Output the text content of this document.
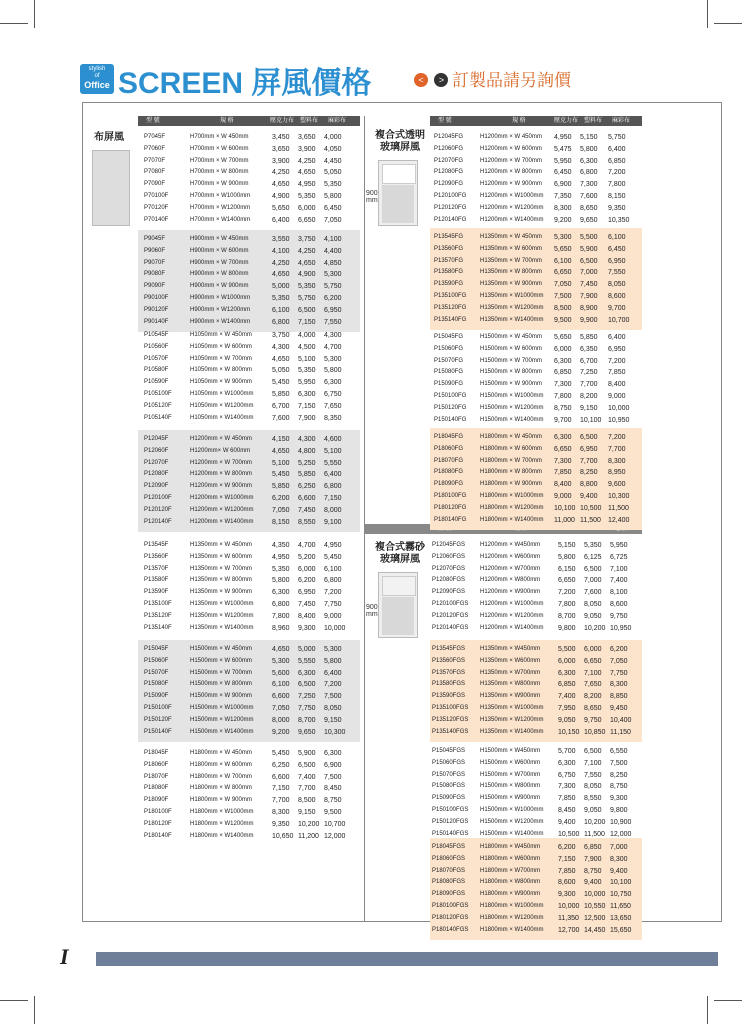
stylish
of
Office SCREEN 屏風價格	< > 訂製品請另詢價
型 號	規 格	壓克力布 塑料布 麻彩布	型 號	規 格	壓克力布 塑料布 麻彩布
布屏風	複合式透明
玻璃屏風
900
mm
複合式霧砂
玻璃屏風
900
mm
P7045F	H700mm × W 450mm	3,450 3,650 4,000
P7060F	H700mm × W 600mm	3,650 3,900 4,050
P7070F	H700mm × W 700mm	3,900 4,250 4,450
P7080F	H700mm × W 800mm	4,250 4,650 5,050
P7090F	H700mm × W 900mm	4,650 4,950 5,350
P70100F	H700mm × W1000mm	4,900 5,350 5,800
P70120F	H700mm × W1200mm	5,650 6,000 6,450
P70140F	H700mm × W1400mm	6,400 6,650 7,050
P9045F	H900mm × W 450mm	3,550 3,750 4,100
P9060F	H900mm × W 600mm	4,100 4,250 4,400
P9070F	H900mm × W 700mm	4,250 4,650 4,850
P9080F	H900mm × W 800mm	4,650 4,900 5,300
P9090F	H900mm × W 900mm	5,000 5,350 5,750
P90100F	H900mm × W1000mm	5,350 5,750 6,200
P90120F	H900mm × W1200mm	6,100 6,500 6,950
P90140F	H900mm × W1400mm	6,800 7,150 7,550
P10545F	H1050mm × W 450mm	3,750 4,000 4,300
P10560F	H1050mm × W 600mm	4,300 4,500 4,700
P10570F	H1050mm × W 700mm	4,650 5,100 5,300
P10580F	H1050mm × W 800mm	5,050 5,350 5,800
P10590F	H1050mm × W 900mm	5,450 5,950 6,300
P105100F	H1050mm × W1000mm	5,850 6,300 6,750
P105120F	H1050mm × W1200mm	6,700 7,150 7,650
P105140F	H1050mm × W1400mm	7,600 7,900 8,350
P12045F	H1200mm × W 450mm	4,150 4,300 4,600
P12060F	H1200mm× W 600mm	4,650 4,800 5,100
P12070F	H1200mm × W 700mm	5,100 5,250 5,550
P12080F	H1200mm × W 800mm	5,450 5,850 6,400
P12090F	H1200mm × W 900mm	5,850 6,250 6,800
P120100F	H1200mm × W1000mm	6,200 6,600 7,150
P120120F	H1200mm × W1200mm	7,050 7,450 8,000
P120140F	H1200mm × W1400mm	8,150 8,550 9,100
P13545F	H1350mm × W 450mm	4,350 4,700 4,950
P13560F	H1350mm × W 600mm	4,950 5,200 5,450
P13570F	H1350mm × W 700mm	5,350 6,000 6,100
P13580F	H1350mm × W 800mm	5,800 6,200 6,800
P13590F	H1350mm × W 900mm	6,300 6,950 7,200
P135100F	H1350mm × W1000mm	6,800 7,450 7,750
P135120F	H1350mm × W1200mm	7,800 8,400 9,000
P135140F	H1350mm × W1400mm	8,960 9,300 10,000
P15045F	H1500mm × W 450mm	4,650 5,000 5,300
P15060F	H1500mm × W 600mm	5,300 5,550 5,800
P15070F	H1500mm × W 700mm	5,600 6,300 6,400
P15080F	H1500mm × W 800mm	6,100 6,500 7,200
P15090F	H1500mm × W 900mm	6,600 7,250 7,500
P150100F	H1500mm × W1000mm	7,050 7,750 8,050
P150120F	H1500mm × W1200mm	8,000 8,700 9,150
P150140F	H1500mm × W1400mm	9,200 9,650 10,300
P18045F	H1800mm × W 450mm	5,450 5,900 6,300
P18060F	H1800mm × W 600mm	6,250 6,500 6,900
P18070F	H1800mm × W 700mm	6,600 7,400 7,500
P18080F	H1800mm × W 800mm	7,150 7,700 8,450
P18090F	H1800mm × W 900mm	7,700 8,500 8,750
P180100F	H1800mm × W1000mm	8,300 9,150 9,500
P180120F	H1800mm × W1200mm	9,350 10,200 10,700
P180140F	H1800mm × W1400mm	10,650 11,200 12,000
P12045FG	H1200mm × W 450mm 4,950 5,150 5,750
P12060FG	H1200mm × W 600mm 5,475 5,800 6,400
P12070FG	H1200mm × W 700mm 5,950 6,300 6,850
P12080FG	H1200mm × W 800mm 6,450 6,800 7,200
P12090FG	H1200mm × W 900mm 6,900 7,300 7,800
P120100FG H1200mm × W1000mm 7,350 7,600 8,150
P120120FG H1200mm × W1200mm 8,300 8,650 9,350
P120140FG H1200mm × W1400mm 9,200 9,650 10,350
P13545FG	H1350mm × W 450mm 5,300 5,500 6,100
P13560FG	H1350mm × W 600mm 5,650 5,900 6,450
P13570FG	H1350mm × W 700mm 6,100 6,500 6,950
P13580FG	H1350mm × W 800mm 6,650 7,000 7,550
P13590FG	H1350mm × W 900mm 7,050 7,450 8,050
P135100FG H1350mm × W1000mm 7,500 7,900 8,600
P135120FG H1350mm × W1200mm 8,500 8,900 9,700
P135140FG H1350mm × W1400mm 9,500 9,900 10,700
P15045FG	H1500mm × W 450mm 5,650 5,850 6,400
P15060FG	H1500mm × W 600mm 6,000 6,350 6,950
P15070FG	H1500mm × W 700mm 6,300 6,700 7,200
P15080FG	H1500mm × W 800mm 6,850 7,250 7,850
P15090FG	H1500mm × W 900mm 7,300 7,700 8,400
P150100FG H1500mm × W1000mm 7,800 8,200 9,000
P150120FG H1500mm × W1200mm 8,750 9,150 10,000
P150140FG H1500mm × W1400mm 9,700 10,100 10,950
P18045FG	H1800mm × W 450mm 6,300 6,500 7,200
P18060FG	H1800mm × W 600mm 6,650 6,950 7,700
P18070FG	H1800mm × W 700mm 7,300 7,700 8,300
P18080FG	H1800mm × W 800mm 7,850 8,250 8,950
P18090FG	H1800mm × W 900mm 8,400 8,800 9,600
P180100FG H1800mm × W1000mm 9,000 9,400 10,300
P180120FG H1800mm × W1200mm 10,100 10,500 11,500
P180140FG H1800mm × W1400mm 11,000 11,500 12,400
P12045FGS H1200mm × W450mm	5,150 5,350 5,950
P12060FGS H1200mm × W600mm	5,800 6,125 6,725
P12070FGS H1200mm × W700mm	6,150 6,500 7,100
P12080FGS H1200mm × W800mm	6,650 7,000 7,400
P12090FGS H1200mm × W900mm	7,200 7,600 8,100
P120100FGS H1200mm × W1000mm 7,800 8,050 8,600
P120120FGS H1200mm × W1200mm 8,700 9,050 9,750
P120140FGS H1200mm × W1400mm 9,800 10,200 10,950
P13545FGS H1350mm × W450mm	5,500 6,000 6,200
P13560FGS H1350mm × W600mm	6,000 6,650 7,050
P13570FGS H1350mm × W700mm	6,300 7,100 7,750
P13580FGS H1350mm × W800mm	6,850 7,650 8,300
P13590FGS H1350mm × W900mm	7,400 8,200 8,850
P135100FGS H1350mm × W1000mm 7,950 8,650 9,450
P135120FGS H1350mm × W1200mm 9,050 9,750 10,400
P135140FGS H1350mm × W1400mm 10,150 10,850 11,150
P15045FGS H1500mm × W450mm	5,700 6,500 6,550
P15060FGS H1500mm × W600mm	6,300 7,100 7,500
P15070FGS H1500mm × W700mm	6,750 7,550 8,250
P15080FGS H1500mm × W800mm	7,300 8,050 8,750
P15090FGS H1500mm × W900mm	7,850 8,550 9,300
P150100FGS H1500mm × W1000mm 8,450 9,050 9,800
P150120FGS H1500mm × W1200mm 9,400 10,200 10,900
P150140FGS H1500mm × W1400mm 10,500 11,500 12,000
P18045FGS H1800mm × W450mm	6,200 6,850 7,000
P18060FGS H1800mm × W600mm	7,150 7,900 8,300
P18070FGS H1800mm × W700mm	7,850 8,750 9,400
P18080FGS H1800mm × W800mm	8,600 9,400 10,100
P18090FGS H1800mm × W900mm	9,300 10,000 10,750
P180100FGS H1800mm × W1000mm 10,000 10,550 11,650
P180120FGS H1800mm × W1200mm 11,350 12,500 13,650
P180140FGS H1800mm × W1400mm 12,700 14,450 15,650
I
